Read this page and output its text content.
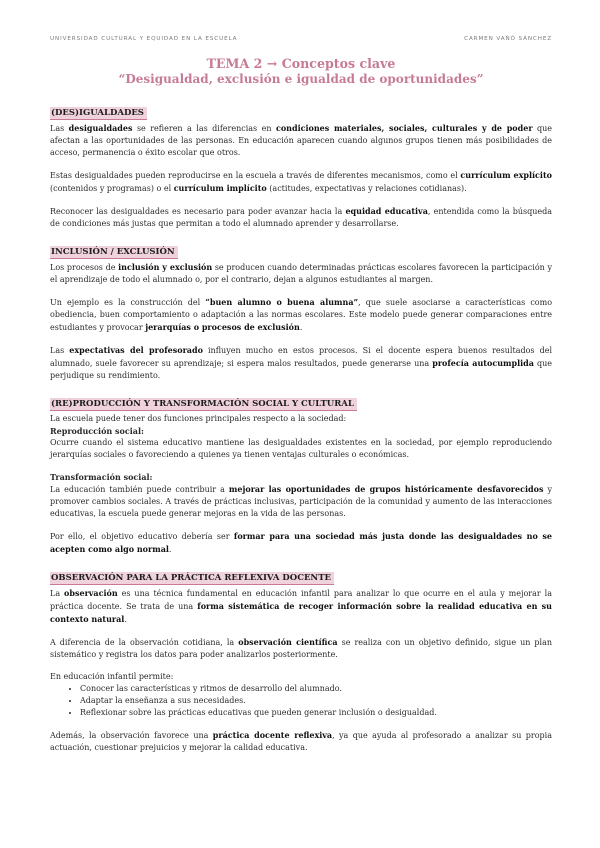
UNIVERSIDAD CULTURAL Y EQUIDAD EN LA ESCUELA	CARMEN VAÑÓ SÁNCHEZ
TEMA 2 → Conceptos clave
“Desigualdad, exclusión e igualdad de oportunidades”
(DES)IGUALDADES

Las desigualdades se refieren a las diferencias en condiciones materiales, sociales, culturales y de poder que afectan a las oportunidades de las personas. En educación aparecen cuando algunos grupos tienen más posibilidades de acceso, permanencia o éxito escolar que otros.

Estas desigualdades pueden reproducirse en la escuela a través de diferentes mecanismos, como el currículum explícito (contenidos y programas) o el currículum implícito (actitudes, expectativas y relaciones cotidianas).

Reconocer las desigualdades es necesario para poder avanzar hacia la equidad educativa, entendida como la búsqueda de condiciones más justas que permitan a todo el alumnado aprender y desarrollarse.

INCLUSIÓN / EXCLUSIÓN

Los procesos de inclusión y exclusión se producen cuando determinadas prácticas escolares favorecen la participación y el aprendizaje de todo el alumnado o, por el contrario, dejan a algunos estudiantes al margen.

Un ejemplo es la construcción del “buen alumno o buena alumna”, que suele asociarse a características como obediencia, buen comportamiento o adaptación a las normas escolares. Este modelo puede generar comparaciones entre estudiantes y provocar jerarquías o procesos de exclusión.

Las expectativas del profesorado influyen mucho en estos procesos. Si el docente espera buenos resultados del alumnado, suele favorecer su aprendizaje; si espera malos resultados, puede generarse una profecía autocumplida que perjudique su rendimiento.

(RE)PRODUCCIÓN Y TRANSFORMACIÓN SOCIAL Y CULTURAL

La escuela puede tener dos funciones principales respecto a la sociedad:

Reproducción social:

Ocurre cuando el sistema educativo mantiene las desigualdades existentes en la sociedad, por ejemplo reproduciendo jerarquías sociales o favoreciendo a quienes ya tienen ventajas culturales o económicas.

Transformación social:

La educación también puede contribuir a mejorar las oportunidades de grupos históricamente desfavorecidos y promover cambios sociales. A través de prácticas inclusivas, participación de la comunidad y aumento de las interacciones educativas, la escuela puede generar mejoras en la vida de las personas.

Por ello, el objetivo educativo debería ser formar para una sociedad más justa donde las desigualdades no se acepten como algo normal.

OBSERVACIÓN PARA LA PRÁCTICA REFLEXIVA DOCENTE

La observación es una técnica fundamental en educación infantil para analizar lo que ocurre en el aula y mejorar la práctica docente. Se trata de una forma sistemática de recoger información sobre la realidad educativa en su contexto natural.

A diferencia de la observación cotidiana, la observación científica se realiza con un objetivo definido, sigue un plan sistemático y registra los datos para poder analizarlos posteriormente.

En educación infantil permite:

• Conocer las características y ritmos de desarrollo del alumnado.
• Adaptar la enseñanza a sus necesidades.
• Reflexionar sobre las prácticas educativas que pueden generar inclusión o desigualdad.

Además, la observación favorece una práctica docente reflexiva, ya que ayuda al profesorado a analizar su propia actuación, cuestionar prejuicios y mejorar la calidad educativa.
